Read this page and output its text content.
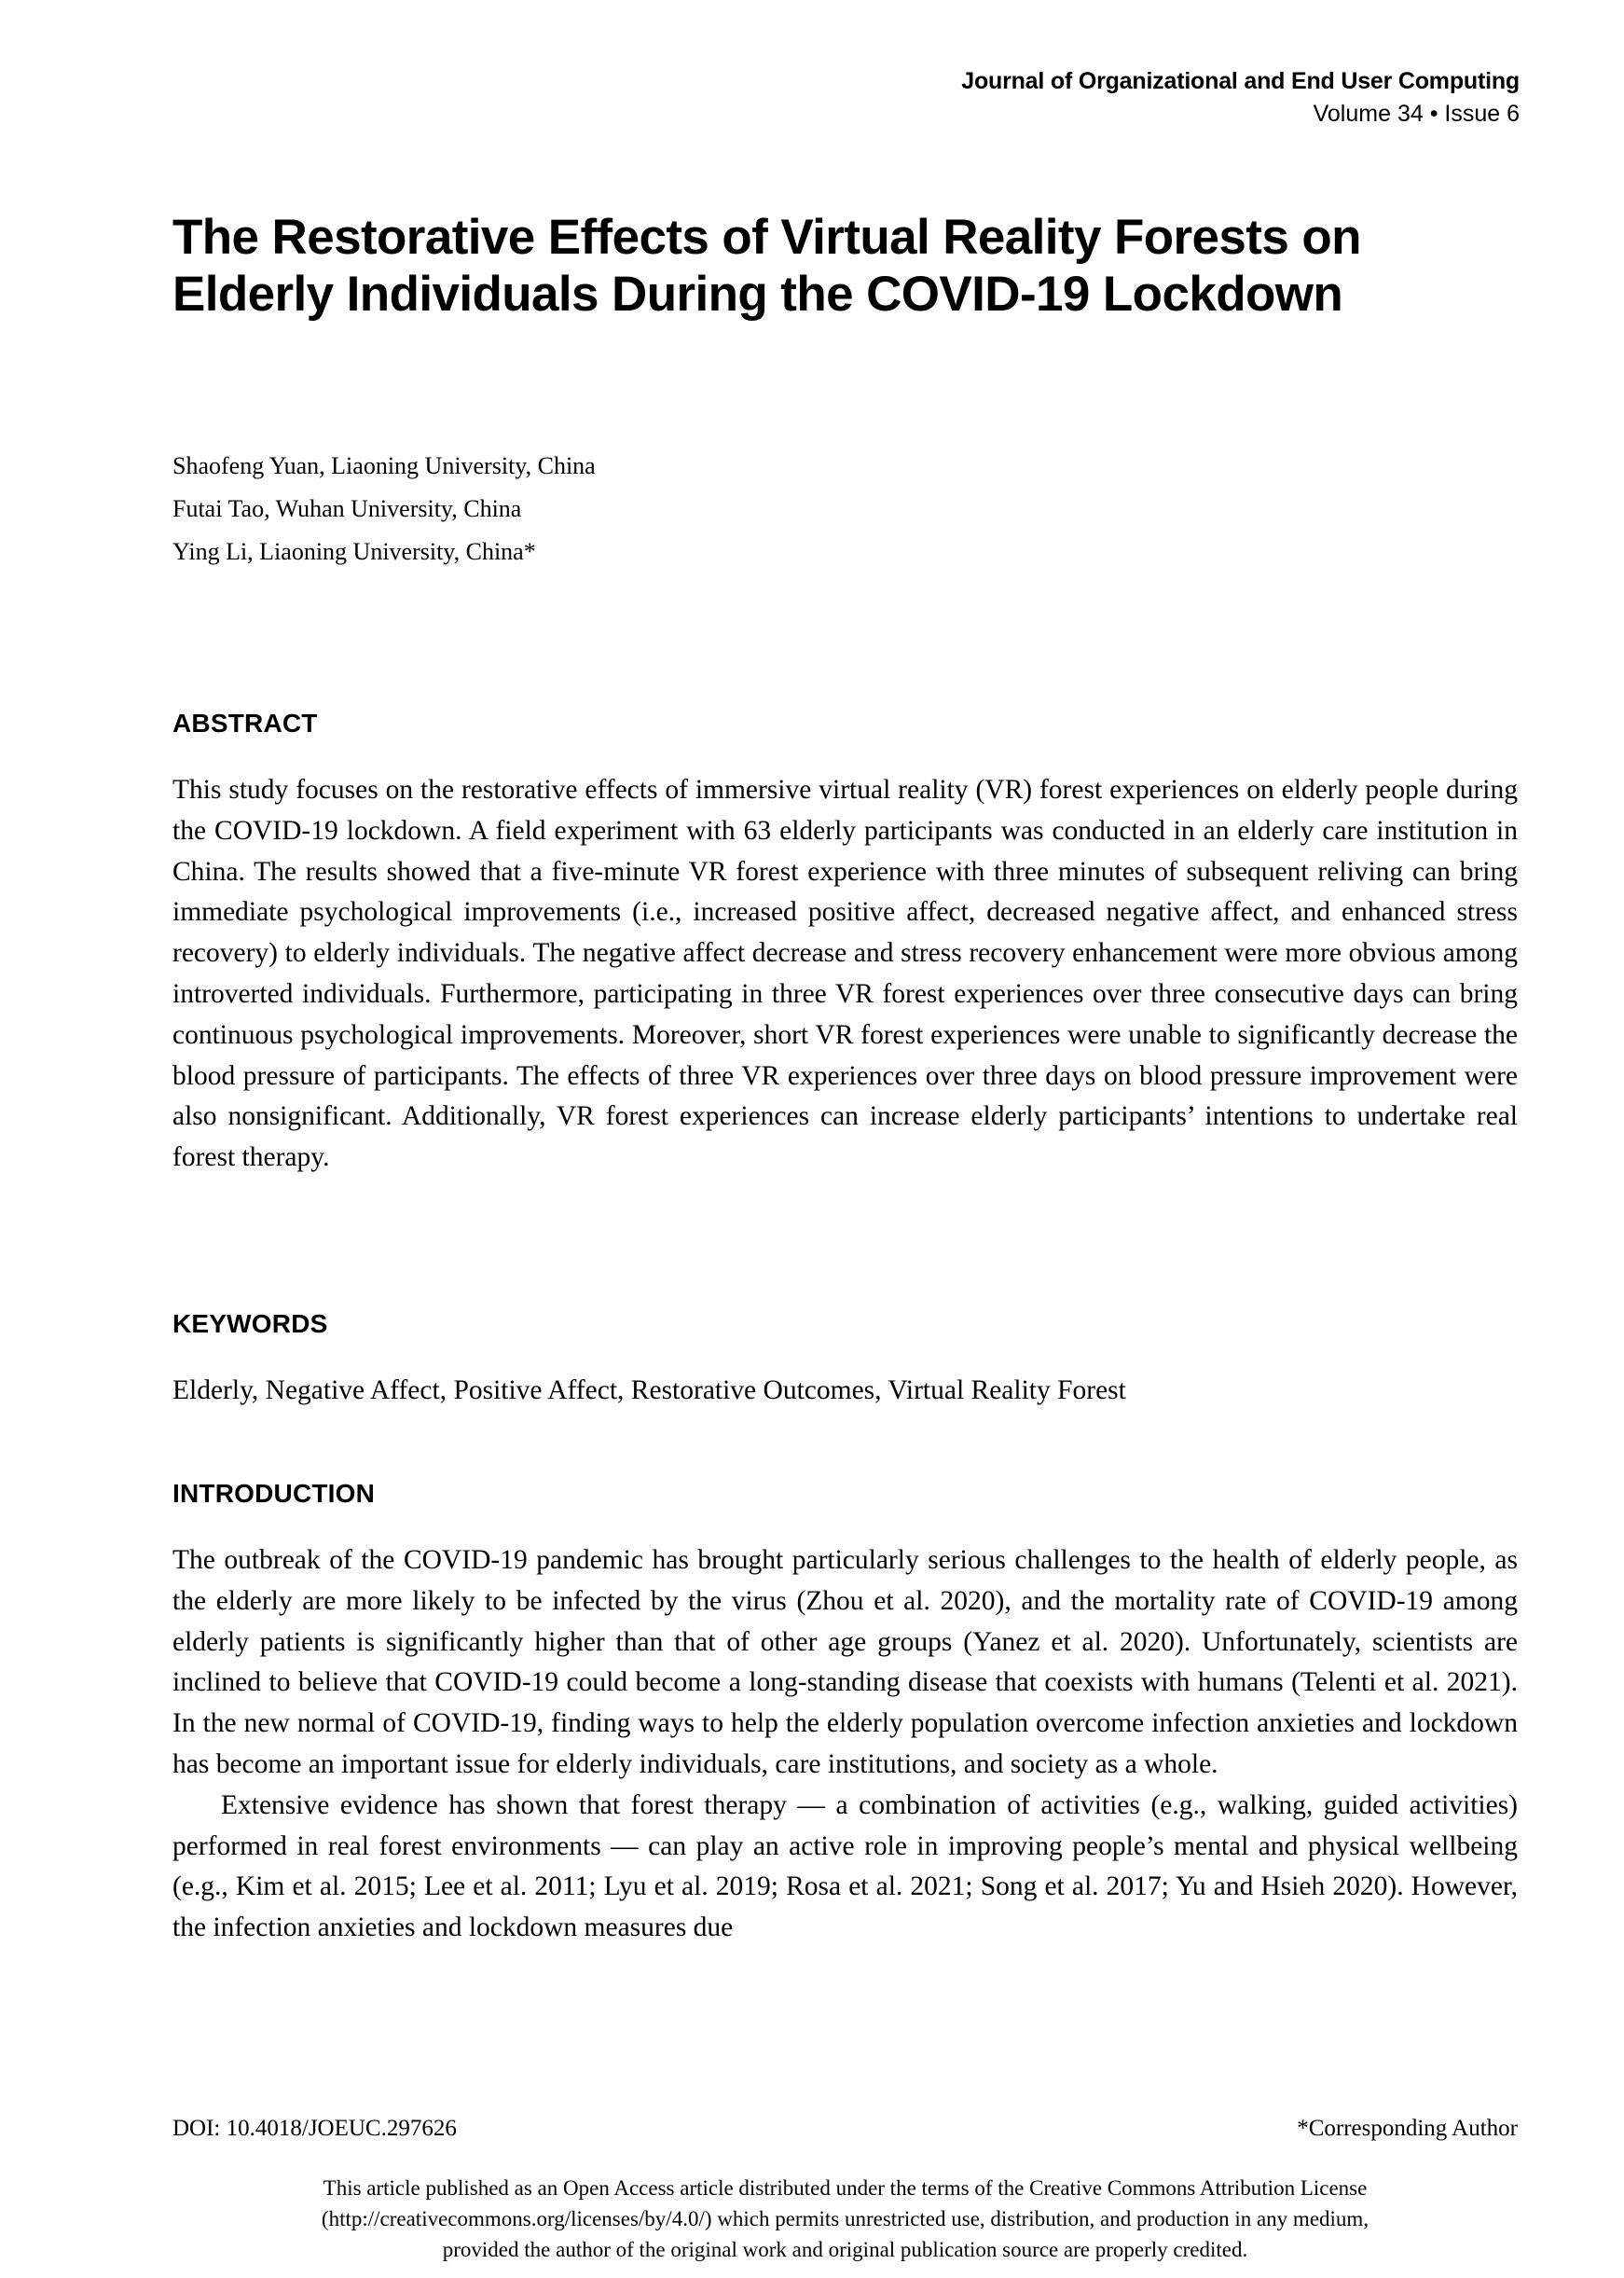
Journal of Organizational and End User Computing
Volume 34 • Issue 6
The Restorative Effects of Virtual Reality Forests on Elderly Individuals During the COVID-19 Lockdown
Shaofeng Yuan, Liaoning University, China
Futai Tao, Wuhan University, China
Ying Li, Liaoning University, China*
ABSTRACT

This study focuses on the restorative effects of immersive virtual reality (VR) forest experiences on elderly people during the COVID-19 lockdown. A field experiment with 63 elderly participants was conducted in an elderly care institution in China. The results showed that a five-minute VR forest experience with three minutes of subsequent reliving can bring immediate psychological improvements (i.e., increased positive affect, decreased negative affect, and enhanced stress recovery) to elderly individuals. The negative affect decrease and stress recovery enhancement were more obvious among introverted individuals. Furthermore, participating in three VR forest experiences over three consecutive days can bring continuous psychological improvements. Moreover, short VR forest experiences were unable to significantly decrease the blood pressure of participants. The effects of three VR experiences over three days on blood pressure improvement were also nonsignificant. Additionally, VR forest experiences can increase elderly participants’ intentions to undertake real forest therapy.

KEYWORDS

Elderly, Negative Affect, Positive Affect, Restorative Outcomes, Virtual Reality Forest

INTRODUCTION

The outbreak of the COVID-19 pandemic has brought particularly serious challenges to the health of elderly people, as the elderly are more likely to be infected by the virus (Zhou et al. 2020), and the mortality rate of COVID-19 among elderly patients is significantly higher than that of other age groups (Yanez et al. 2020). Unfortunately, scientists are inclined to believe that COVID-19 could become a long-standing disease that coexists with humans (Telenti et al. 2021). In the new normal of COVID-19, finding ways to help the elderly population overcome infection anxieties and lockdown has become an important issue for elderly individuals, care institutions, and society as a whole.

Extensive evidence has shown that forest therapy — a combination of activities (e.g., walking, guided activities) performed in real forest environments — can play an active role in improving people’s mental and physical wellbeing (e.g., Kim et al. 2015; Lee et al. 2011; Lyu et al. 2019; Rosa et al. 2021; Song et al. 2017; Yu and Hsieh 2020). However, the infection anxieties and lockdown measures due

DOI: 10.4018/JOEUC.297626	*Corresponding Author
This article published as an Open Access article distributed under the terms of the Creative Commons Attribution License
(http://creativecommons.org/licenses/by/4.0/) which permits unrestricted use, distribution, and production in any medium,
provided the author of the original work and original publication source are properly credited.
